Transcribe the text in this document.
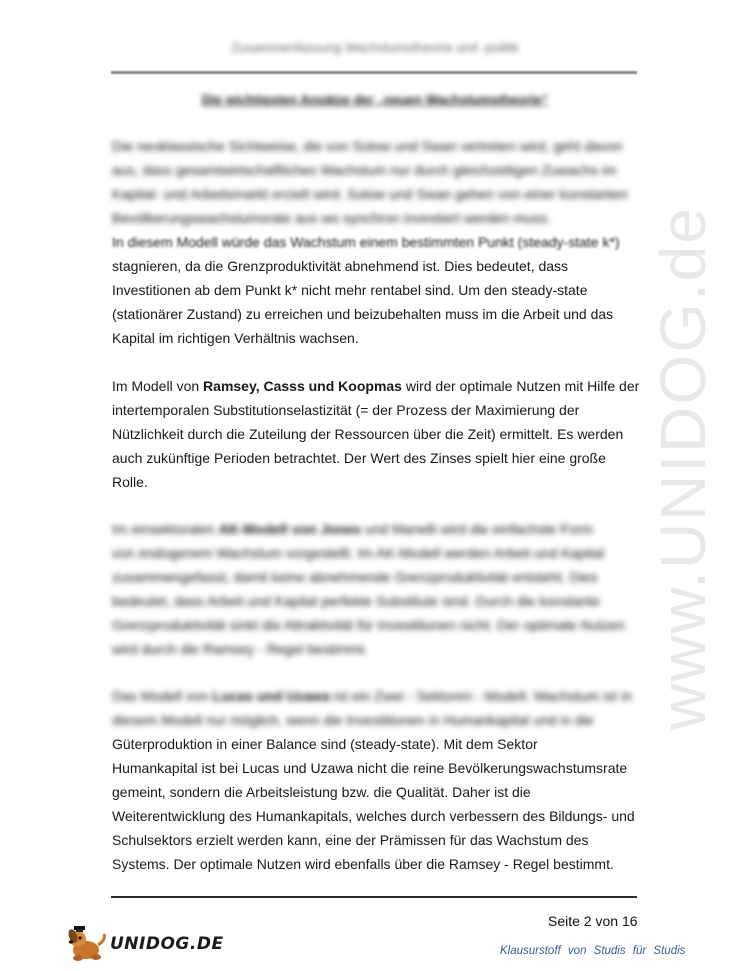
Zusammenfassung Wachstumstheorie und -politik
Die wichtigsten Ansätze der „neuen Wachstumstheorie“
www.UNIDOG.de
Die neoklassische Sichtweise, die von Solow und Swan vertreten wird, geht davon
aus, dass gesamtwirtschaftliches Wachstum nur durch gleichzeitigen Zuwachs im
Kapital- und Arbeitsmarkt erzielt wird. Solow und Swan gehen von einer konstanten
Bevölkerungswachstumsrate aus wo synchron investiert werden muss.
In diesem Modell würde das Wachstum einem bestimmten Punkt (steady-state k*)
stagnieren, da die Grenzproduktivität abnehmend ist. Dies bedeutet, dass
Investitionen ab dem Punkt k* nicht mehr rentabel sind. Um den steady-state
(stationärer Zustand) zu erreichen und beizubehalten muss im die Arbeit und das
Kapital im richtigen Verhältnis wachsen.
Im Modell von Ramsey, Casss und Koopmas wird der optimale Nutzen mit Hilfe der
intertemporalen Substitutionselastizität (= der Prozess der Maximierung der
Nützlichkeit durch die Zuteilung der Ressourcen über die Zeit) ermittelt. Es werden
auch zukünftige Perioden betrachtet. Der Wert des Zinses spielt hier eine große
Rolle.
Im einsektoralen AK-Modell von Jones und Manelli wird die einfachste Form
von endogenem Wachstum vorgestellt. Im AK-Modell werden Arbeit und Kapital
zusammengefasst, damit keine abnehmende Grenzproduktivität entsteht. Dies
bedeutet, dass Arbeit und Kapital perfekte Substitute sind. Durch die konstante
Grenzproduktivität sinkt die Attraktivität für Investitionen nicht. Der optimale Nutzen
wird durch die Ramsey - Regel bestimmt.
Das Modell von Lucas und Uzawa ist ein Zwei - Sektoren - Modell. Wachstum ist in
diesem Modell nur möglich, wenn die Investitionen in Humankapital und in die
Güterproduktion in einer Balance sind (steady-state). Mit dem Sektor
Humankapital ist bei Lucas und Uzawa nicht die reine Bevölkerungswachstumsrate
gemeint, sondern die Arbeitsleistung bzw. die Qualität. Daher ist die
Weiterentwicklung des Humankapitals, welches durch verbessern des Bildungs- und
Schulsektors erzielt werden kann, eine der Prämissen für das Wachstum des
Systems. Der optimale Nutzen wird ebenfalls über die Ramsey - Regel bestimmt.
Seite 2 von 16
UNIDOG.DE	Klausurstoff von Studis für Studis
